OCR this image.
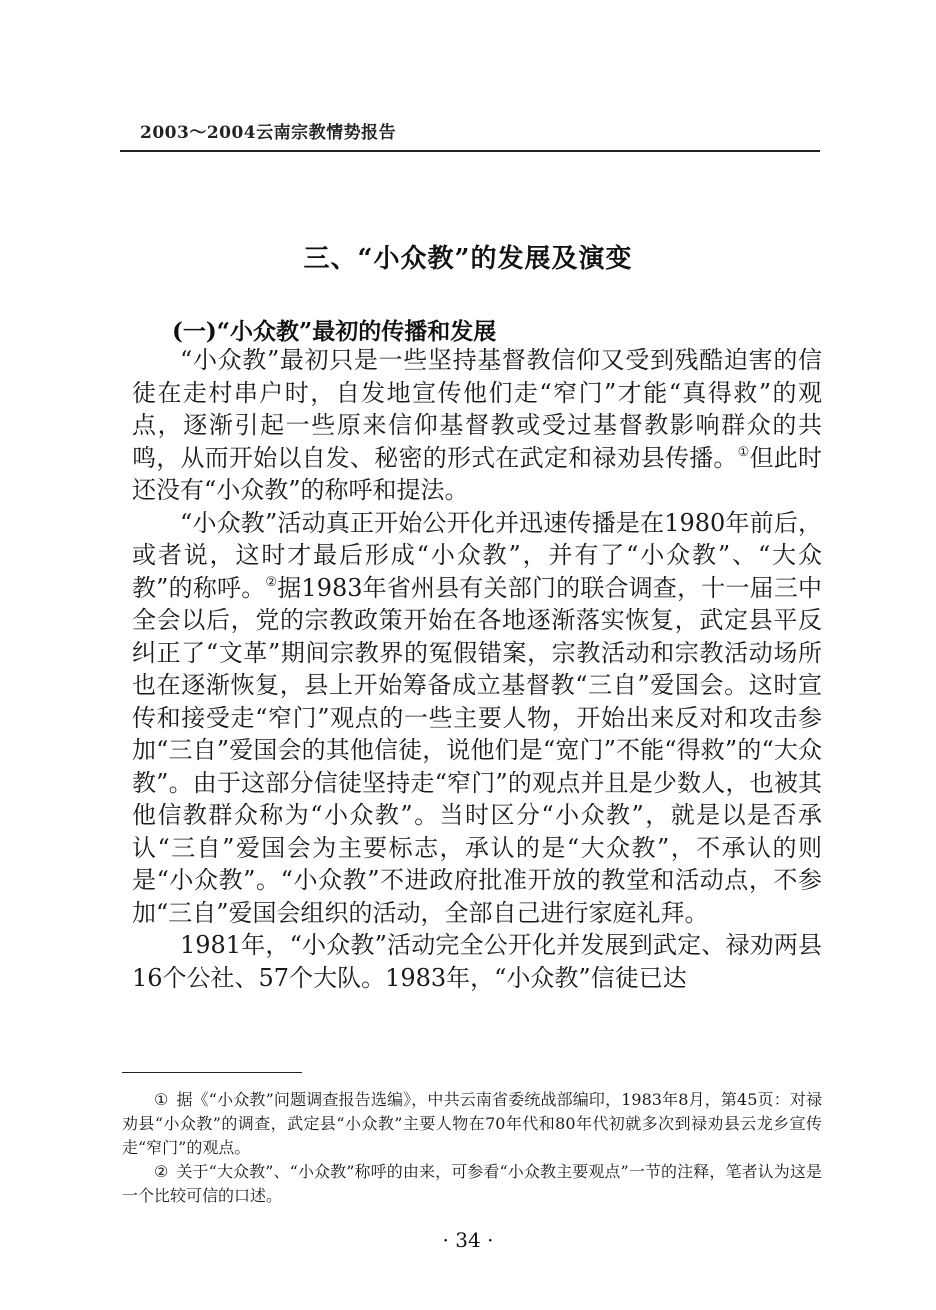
2003～2004云南宗教情势报告
三、“小众教”的发展及演变
(一)“小众教”最初的传播和发展

“小众教”最初只是一些坚持基督教信仰又受到残酷迫害的信徒在走村串户时，自发地宣传他们走“窄门”才能“真得救”的观点，逐渐引起一些原来信仰基督教或受过基督教影响群众的共鸣，从而开始以自发、秘密的形式在武定和禄劝县传播。①但此时还没有“小众教”的称呼和提法。

“小众教”活动真正开始公开化并迅速传播是在1980年前后，或者说，这时才最后形成“小众教”，并有了“小众教”、“大众教”的称呼。②据1983年省州县有关部门的联合调查，十一届三中全会以后，党的宗教政策开始在各地逐渐落实恢复，武定县平反纠正了“文革”期间宗教界的冤假错案，宗教活动和宗教活动场所也在逐渐恢复，县上开始筹备成立基督教“三自”爱国会。这时宣传和接受走“窄门”观点的一些主要人物，开始出来反对和攻击参加“三自”爱国会的其他信徒，说他们是“宽门”不能“得救”的“大众教”。由于这部分信徒坚持走“窄门”的观点并且是少数人，也被其他信教群众称为“小众教”。当时区分“小众教”，就是以是否承认“三自”爱国会为主要标志，承认的是“大众教”，不承认的则是“小众教”。“小众教”不进政府批准开放的教堂和活动点，不参加“三自”爱国会组织的活动，全部自己进行家庭礼拜。

1981年，“小众教”活动完全公开化并发展到武定、禄劝两县16个公社、57个大队。1983年，“小众教”信徒已达

① 据《“小众教”问题调查报告选编》，中共云南省委统战部编印，1983年8月，第45页：对禄劝县“小众教”的调查，武定县“小众教”主要人物在70年代和80年代初就多次到禄劝县云龙乡宣传走“窄门”的观点。

② 关于“大众教”、“小众教”称呼的由来，可参看“小众教主要观点”一节的注释，笔者认为这是一个比较可信的口述。

· 34 ·
